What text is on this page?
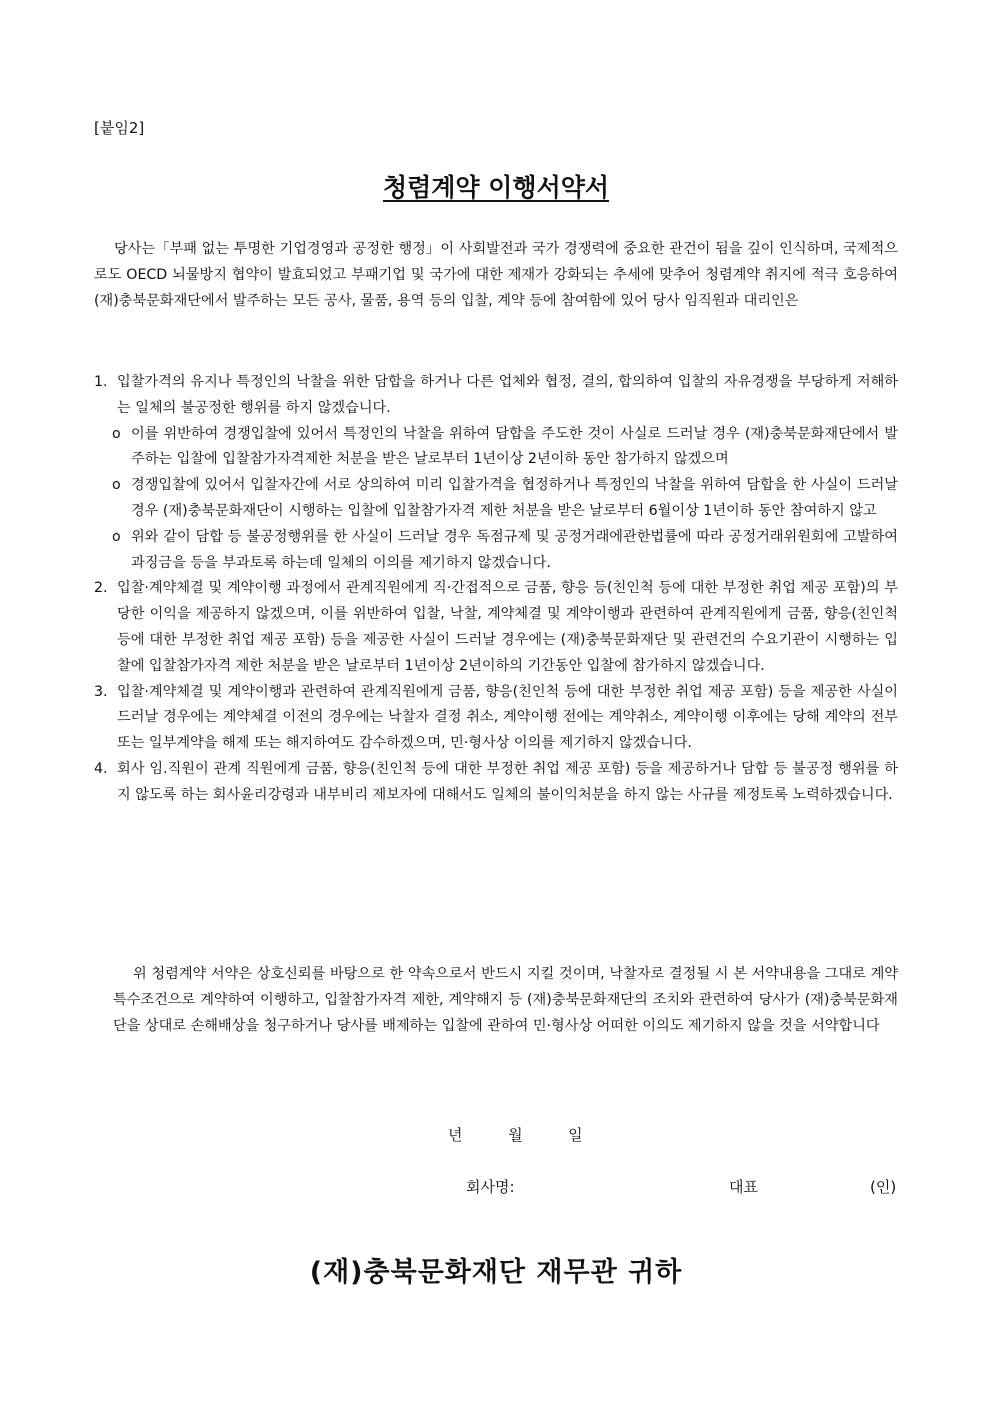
[붙임2]
청렴계약 이행서약서
당사는「부패 없는 투명한 기업경영과 공정한 행정」이 사회발전과 국가 경쟁력에 중요한 관건이 됨을 깊이 인식하며, 국제적으로도 OECD 뇌물방지 협약이 발효되었고 부패기업 및 국가에 대한 제재가 강화되는 추세에 맞추어 청렴계약 취지에 적극 호응하여 (재)충북문화재단에서 발주하는 모든 공사, 물품, 용역 등의 입찰, 계약 등에 참여함에 있어 당사 임직원과 대리인은
1. 입찰가격의 유지나 특정인의 낙찰을 위한 담합을 하거나 다른 업체와 협정, 결의, 합의하여 입찰의 자유경쟁을 부당하게 저해하는 일체의 불공정한 행위를 하지 않겠습니다.
o 이를 위반하여 경쟁입찰에 있어서 특정인의 낙찰을 위하여 담합을 주도한 것이 사실로 드러날 경우 (재)충북문화재단에서 발주하는 입찰에 입찰참가자격제한 처분을 받은 날로부터 1년이상 2년이하 동안 참가하지 않겠으며
o 경쟁입찰에 있어서 입찰자간에 서로 상의하여 미리 입찰가격을 협정하거나 특정인의 낙찰을 위하여 담합을 한 사실이 드러날 경우 (재)충북문화재단이 시행하는 입찰에 입찰참가자격 제한 처분을 받은 날로부터 6월이상 1년이하 동안 참여하지 않고
o 위와 같이 담합 등 불공정행위를 한 사실이 드러날 경우 독점규제 및 공정거래에관한법률에 따라 공정거래위원회에 고발하여 과징금을 등을 부과토록 하는데 일체의 이의를 제기하지 않겠습니다.
2. 입찰·계약체결 및 계약이행 과정에서 관계직원에게 직·간접적으로 금품, 향응 등(친인척 등에 대한 부정한 취업 제공 포함)의 부당한 이익을 제공하지 않겠으며, 이를 위반하여 입찰, 낙찰, 계약체결 및 계약이행과 관련하여 관계직원에게 금품, 향응(친인척 등에 대한 부정한 취업 제공 포함) 등을 제공한 사실이 드러날 경우에는 (재)충북문화재단 및 관련건의 수요기관이 시행하는 입찰에 입찰참가자격 제한 처분을 받은 날로부터 1년이상 2년이하의 기간동안 입찰에 참가하지 않겠습니다.
3. 입찰·계약체결 및 계약이행과 관련하여 관계직원에게 금품, 향응(친인척 등에 대한 부정한 취업 제공 포함) 등을 제공한 사실이 드러날 경우에는 계약체결 이전의 경우에는 낙찰자 결정 취소, 계약이행 전에는 계약취소, 계약이행 이후에는 당해 계약의 전부 또는 일부계약을 해제 또는 해지하여도 감수하겠으며, 민·형사상 이의를 제기하지 않겠습니다.
4. 회사 임.직원이 관계 직원에게 금품, 향응(친인척 등에 대한 부정한 취업 제공 포함) 등을 제공하거나 담합 등 불공정 행위를 하지 않도록 하는 회사윤리강령과 내부비리 제보자에 대해서도 일체의 불이익처분을 하지 않는 사규를 제정토록 노력하겠습니다.
위 청렴계약 서약은 상호신뢰를 바탕으로 한 약속으로서 반드시 지킬 것이며, 낙찰자로 결정될 시 본 서약내용을 그대로 계약특수조건으로 계약하여 이행하고, 입찰참가자격 제한, 계약해지 등 (재)충북문화재단의 조치와 관련하여 당사가 (재)충북문화재단을 상대로 손해배상을 청구하거나 당사를 배제하는 입찰에 관하여 민·형사상 어떠한 이의도 제기하지 않을 것을 서약합니다
년	월	일
회사명:	대표	(인)
(재)충북문화재단 재무관 귀하
